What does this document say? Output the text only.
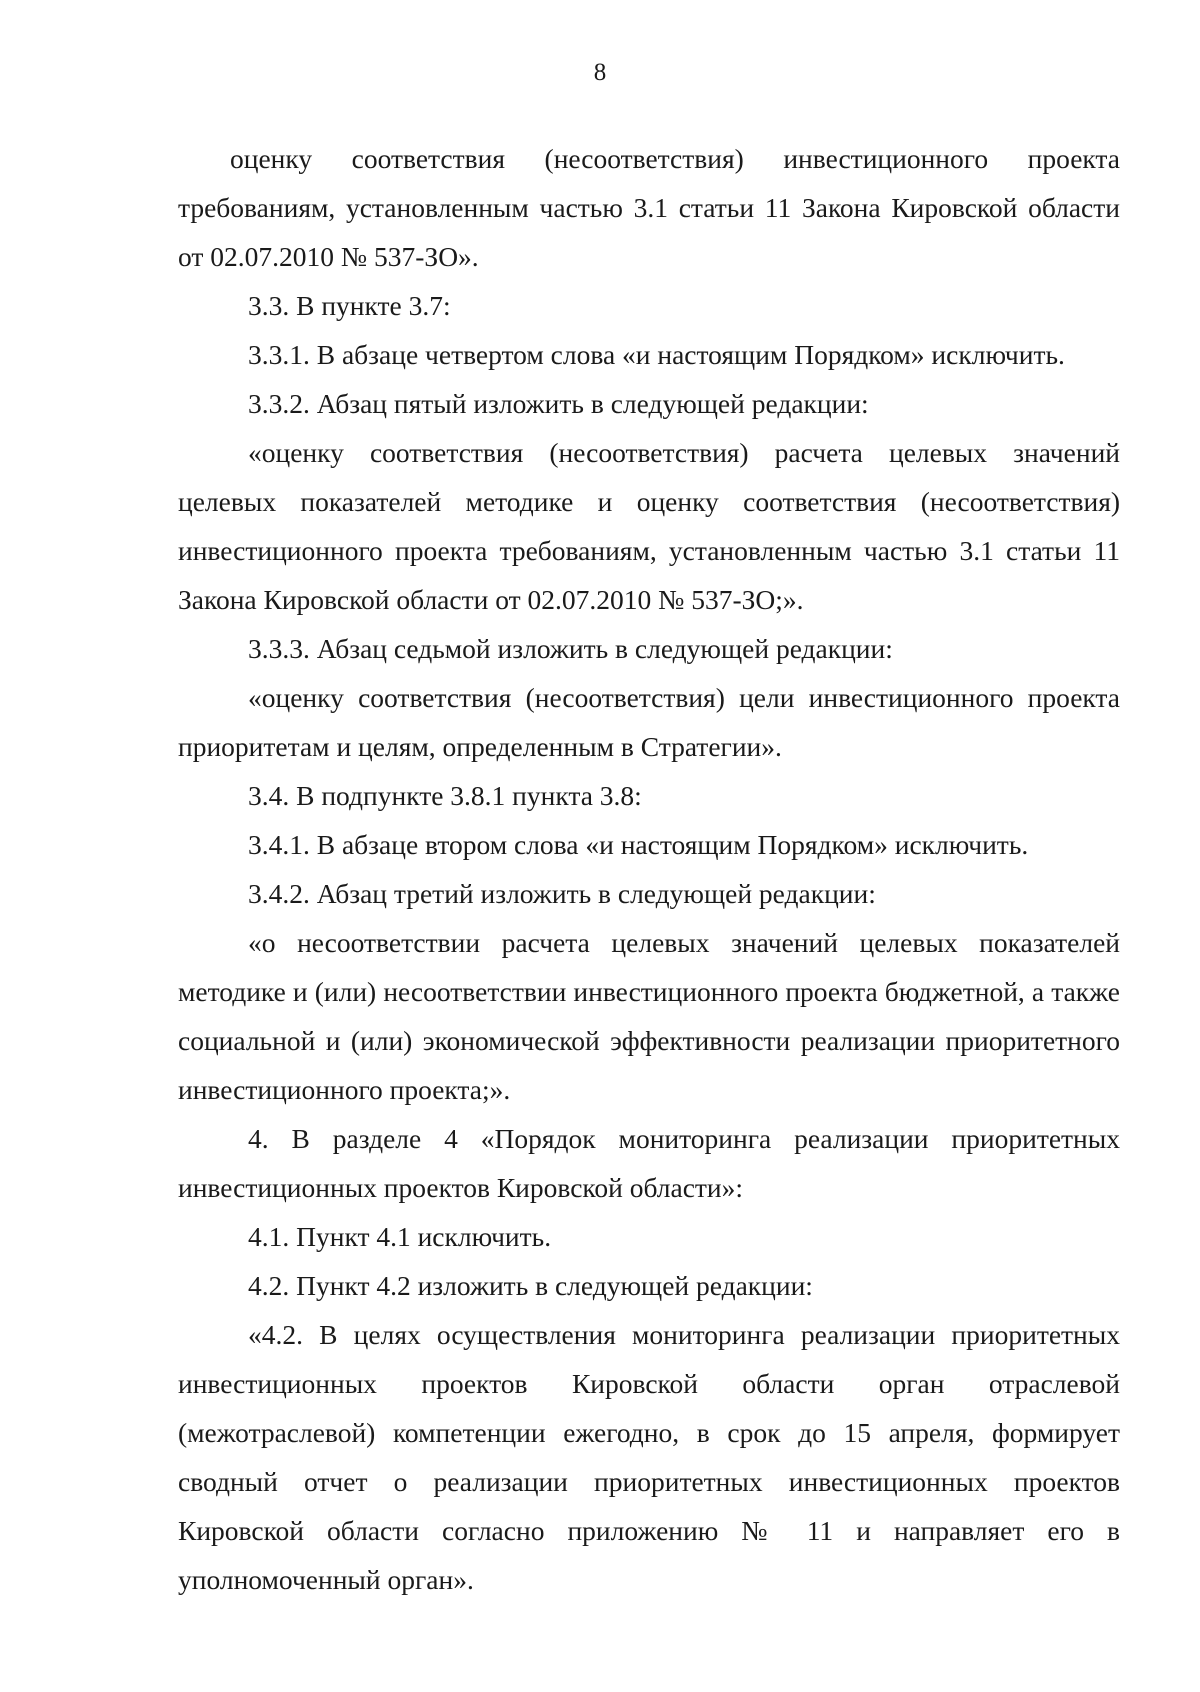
8

оценку соответствия (несоответствия) инвестиционного проекта требованиям, установленным частью 3.1 статьи 11 Закона Кировской области от 02.07.2010 № 537-ЗО».

3.3. В пункте 3.7:

3.3.1. В абзаце четвертом слова «и настоящим Порядком» исключить.

3.3.2. Абзац пятый изложить в следующей редакции:

«оценку соответствия (несоответствия) расчета целевых значений целевых показателей методике и оценку соответствия (несоответствия) инвестиционного проекта требованиям, установленным частью 3.1 статьи 11 Закона Кировской области от 02.07.2010 № 537-ЗО;».

3.3.3. Абзац седьмой изложить в следующей редакции:

«оценку соответствия (несоответствия) цели инвестиционного проекта приоритетам и целям, определенным в Стратегии».

3.4. В подпункте 3.8.1 пункта 3.8:

3.4.1. В абзаце втором слова «и настоящим Порядком» исключить.

3.4.2. Абзац третий изложить в следующей редакции:

«о несоответствии расчета целевых значений целевых показателей методике и (или) несоответствии инвестиционного проекта бюджетной, а также социальной и (или) экономической эффективности реализации приоритетного инвестиционного проекта;».

4. В разделе 4 «Порядок мониторинга реализации приоритетных инвестиционных проектов Кировской области»:

4.1. Пункт 4.1 исключить.

4.2. Пункт 4.2 изложить в следующей редакции:

«4.2. В целях осуществления мониторинга реализации приоритетных инвестиционных проектов Кировской области орган отраслевой (межотраслевой) компетенции ежегодно, в срок до 15 апреля, формирует сводный отчет о реализации приоритетных инвестиционных проектов Кировской области согласно приложению № 11 и направляет его в уполномоченный орган».
